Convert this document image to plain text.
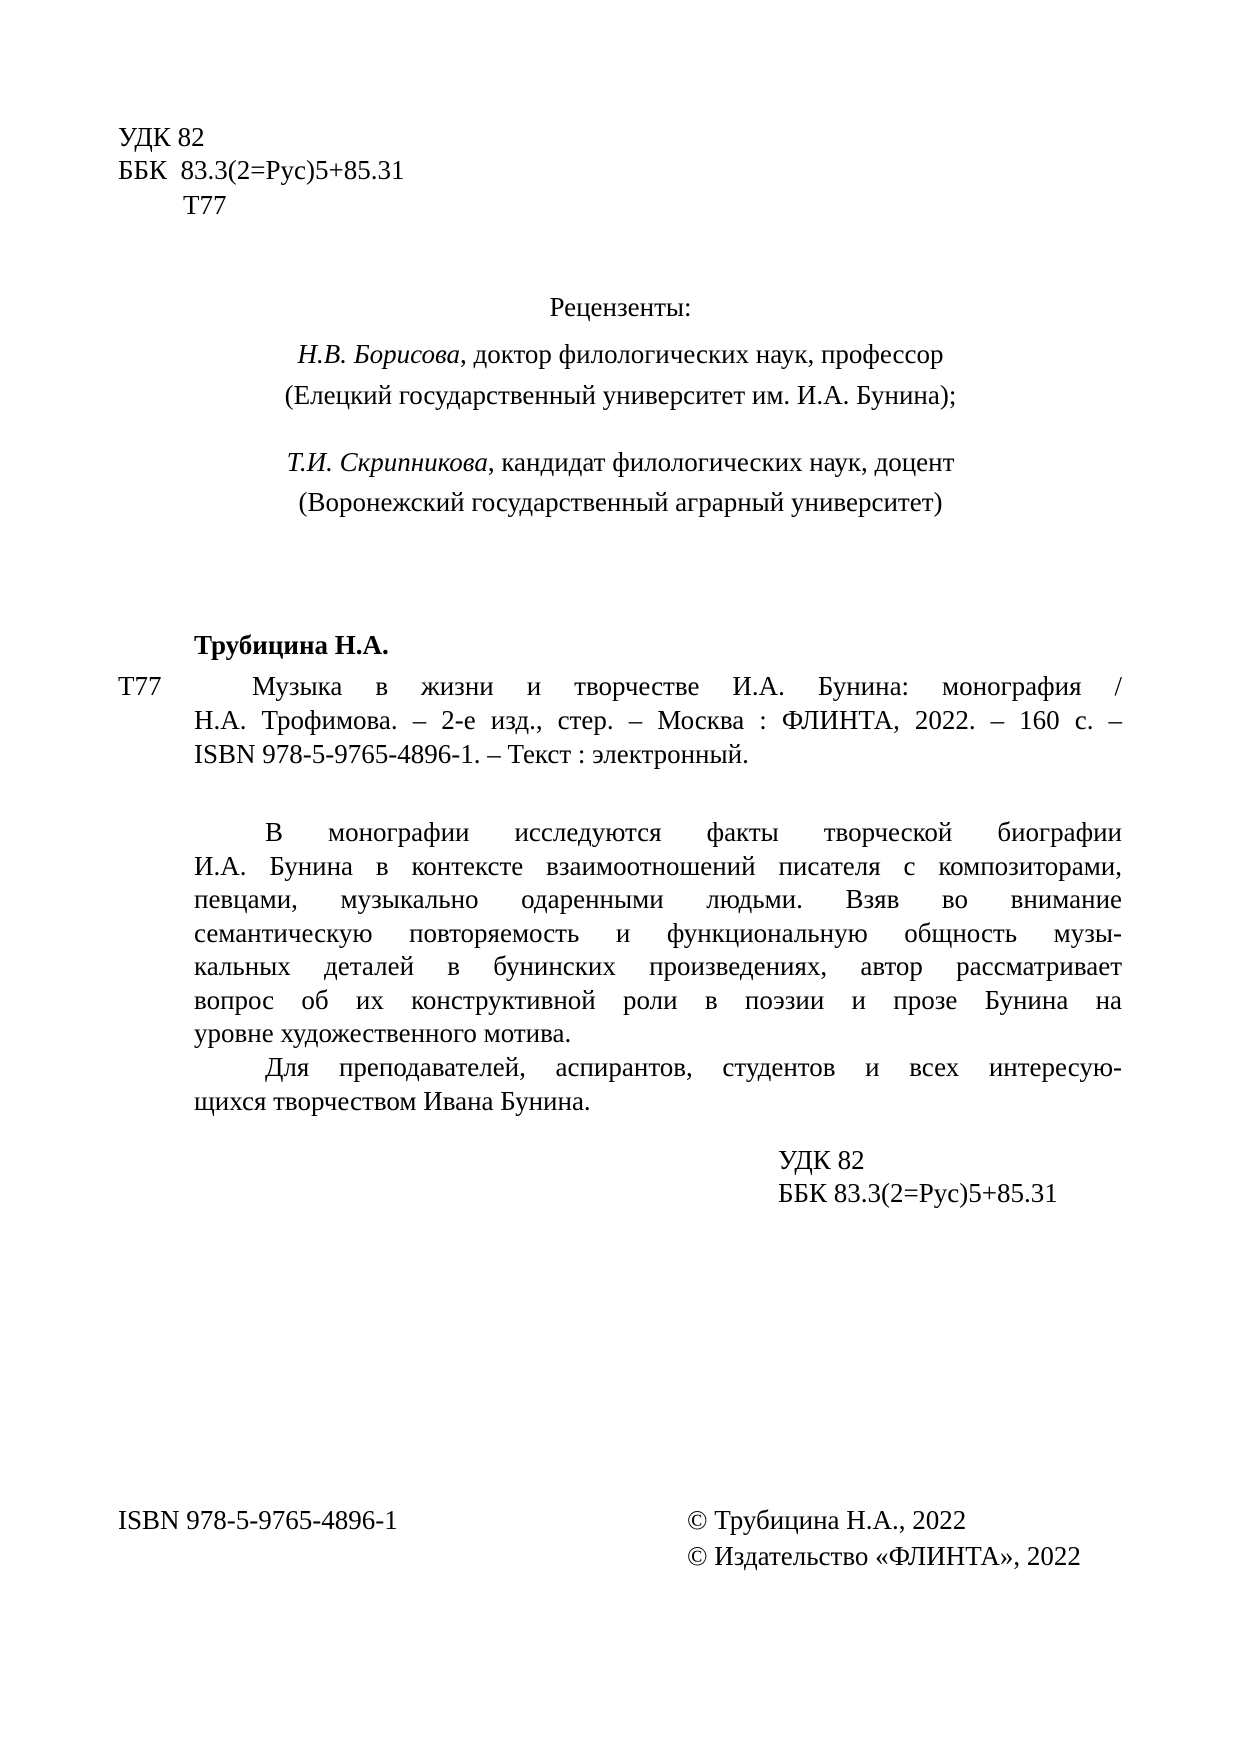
УДК 82
ББК  83.3(2=Рус)5+85.31
Т77
Рецензенты:
Н.В. Борисова, доктор филологических наук, профессор
(Елецкий государственный университет им. И.А. Бунина);
Т.И. Скрипникова, кандидат филологических наук, доцент
(Воронежский государственный аграрный университет)
Трубицина Н.А.
Т77	Музыка в жизни и творчестве И.А. Бунина: монография /
Н.А. Трофимова. – 2-е изд., стер. – Москва : ФЛИНТА, 2022. – 160 с. –
ISBN 978-5-9765-4896-1. – Текст : электронный.
В монографии исследуются факты творческой биографии
И.А. Бунина в контексте взаимоотношений писателя с композиторами,
певцами, музыкально одаренными людьми. Взяв во внимание
семантическую повторяемость и функциональную общность музы-
кальных деталей в бунинских произведениях, автор рассматривает
вопрос об их конструктивной роли в поэзии и прозе Бунина на
уровне художественного мотива.
Для преподавателей, аспирантов, студентов и всех интересую-
щихся творчеством Ивана Бунина.
УДК 82
ББК 83.3(2=Рус)5+85.31
ISBN 978-5-9765-4896-1	© Трубицина Н.А., 2022
© Издательство «ФЛИНТА», 2022
